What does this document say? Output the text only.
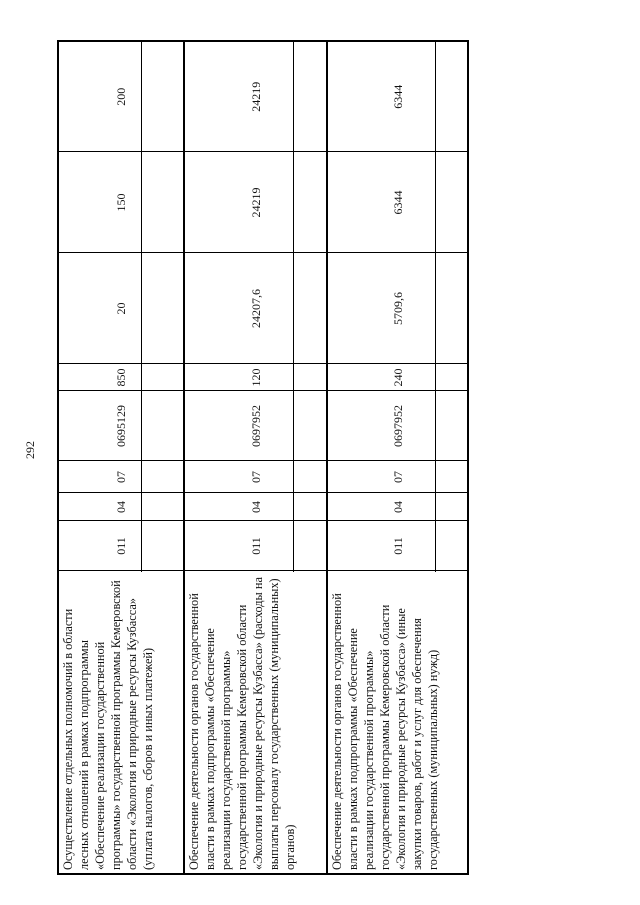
292
Осуществление отдельных полномочий в области лесных отношений в рамках подпрограммы «Обеспечение реализации государственной программы» государственной программы Кемеровской области «Экология и природные ресурсы Кузбасса» (уплата налогов, сборов и иных платежей)	011	04	07	0695129	850	20	150	200
Обеспечение деятельности органов государственной власти в рамках подпрограммы «Обеспечение реализации государственной программы» государственной программы Кемеровской области «Экология и природные ресурсы Кузбасса» (расходы на выплаты персоналу государственных (муниципальных) органов)	011	04	07	0697952	120	24207,6	24219	24219
Обеспечение деятельности органов государственной власти в рамках подпрограммы «Обеспечение реализации государственной программы» государственной программы Кемеровской области «Экология и природные ресурсы Кузбасса» (иные закупки товаров, работ и услуг для обеспечения государственных (муниципальных) нужд)	011	04	07	0697952	240	5709,6	6344	6344
